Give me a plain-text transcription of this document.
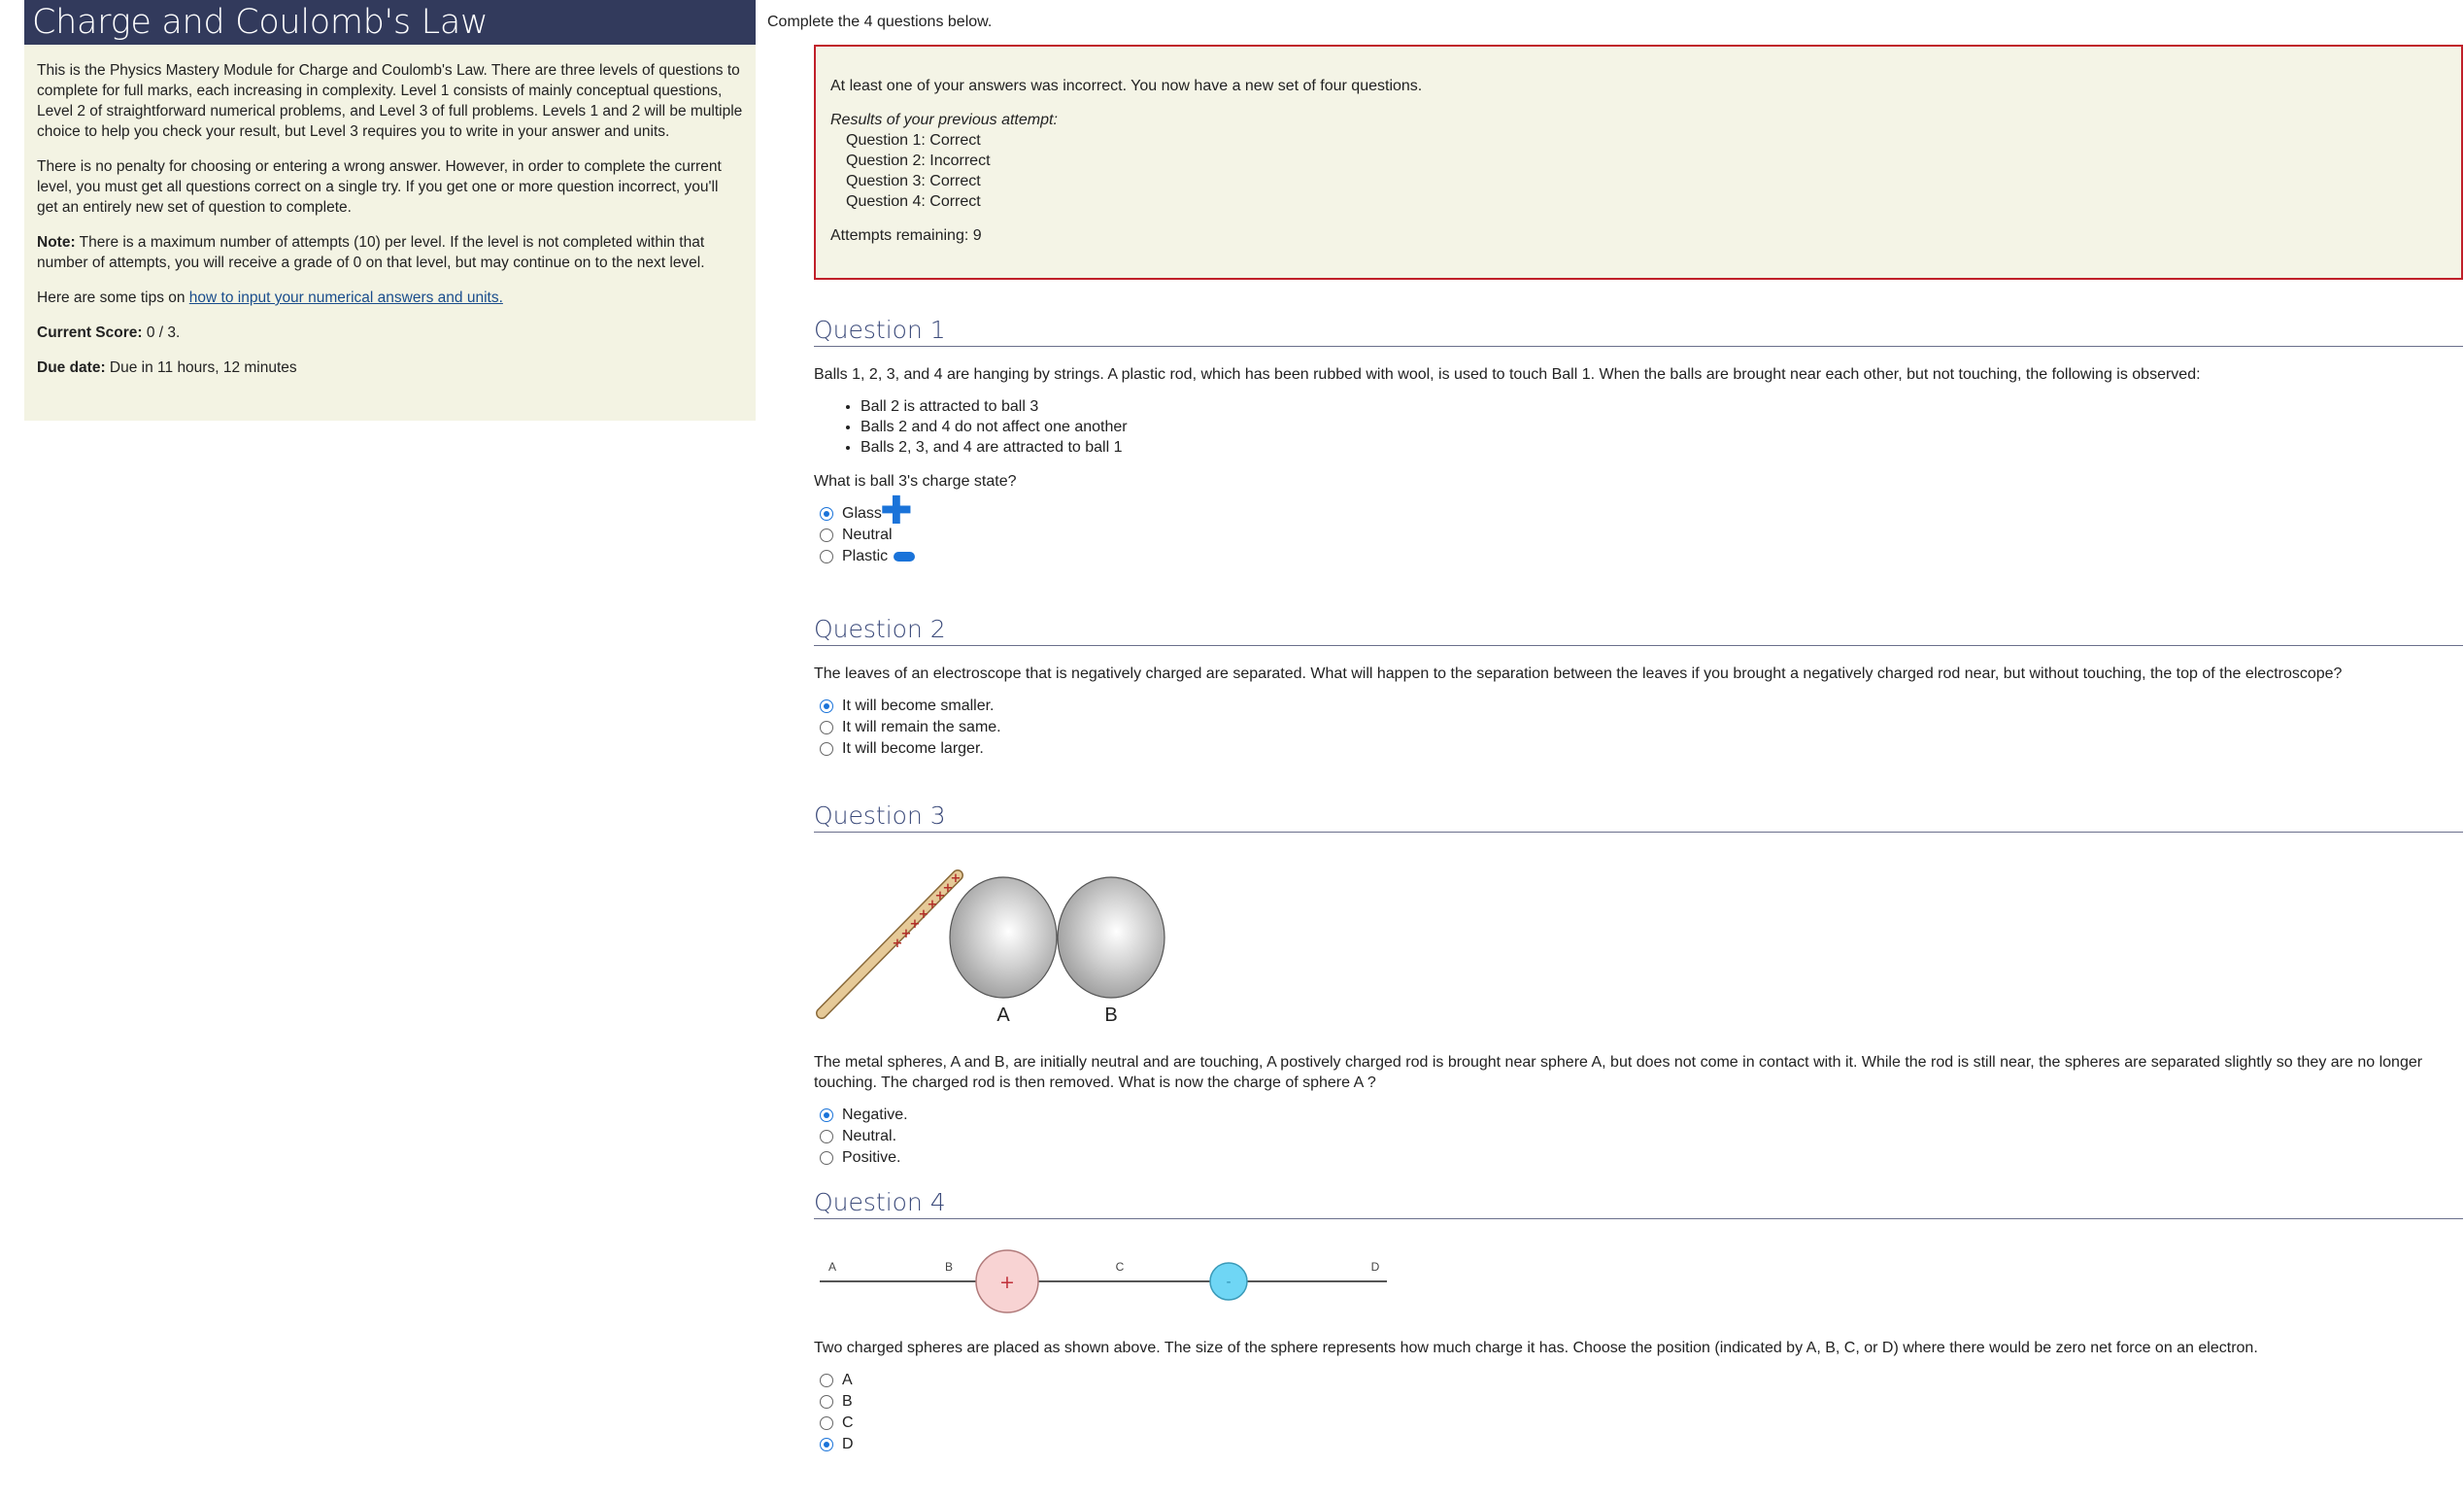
Charge and Coulomb's Law

This is the Physics Mastery Module for Charge and Coulomb's Law. There are three levels of questions to complete for full marks, each increasing in complexity. Level 1 consists of mainly conceptual questions, Level 2 of straightforward numerical problems, and Level 3 of full problems. Levels 1 and 2 will be multiple choice to help you check your result, but Level 3 requires you to write in your answer and units.

There is no penalty for choosing or entering a wrong answer. However, in order to complete the current level, you must get all questions correct on a single try. If you get one or more question incorrect, you'll get an entirely new set of question to complete.

Note: There is a maximum number of attempts (10) per level. If the level is not completed within that number of attempts, you will receive a grade of 0 on that level, but may continue on to the next level.

Here are some tips on how to input your numerical answers and units.

Current Score: 0 / 3.

Due date: Due in 11 hours, 12 minutes

Complete the 4 questions below.

At least one of your answers was incorrect. You now have a new set of four questions.

Results of your previous attempt:
Question 1: Correct
Question 2: Incorrect
Question 3: Correct
Question 4: Correct
Attempts remaining: 9
Question 1

Balls 1, 2, 3, and 4 are hanging by strings. A plastic rod, which has been rubbed with wool, is used to touch Ball 1. When the balls are brought near each other, but not touching, the following is observed:

• Ball 2 is attracted to ball 3
• Balls 2 and 4 do not affect one another
• Balls 2, 3, and 4 are attracted to ball 1

What is ball 3's charge state?

Glass
✚
Neutral
Plastic
Question 2

The leaves of an electroscope that is negatively charged are separated. What will happen to the separation between the leaves if you brought a negatively charged rod near, but without touching, the top of the electroscope?

It will become smaller.
It will remain the same.
It will become larger.
Question 3
+
+
+
+
+
+
+
+
A	B

The metal spheres, A and B, are initially neutral and are touching, A postively charged rod is brought near sphere A, but does not come in contact with it. While the rod is still near, the spheres are separated slightly so they are no longer touching. The charged rod is then removed. What is now the charge of sphere A ?

Negative.
Neutral.
Positive.
Question 4
A	B	C	D
+	-

Two charged spheres are placed as shown above. The size of the sphere represents how much charge it has. Choose the position (indicated by A, B, C, or D) where there would be zero net force on an electron.

A
B
C
D
